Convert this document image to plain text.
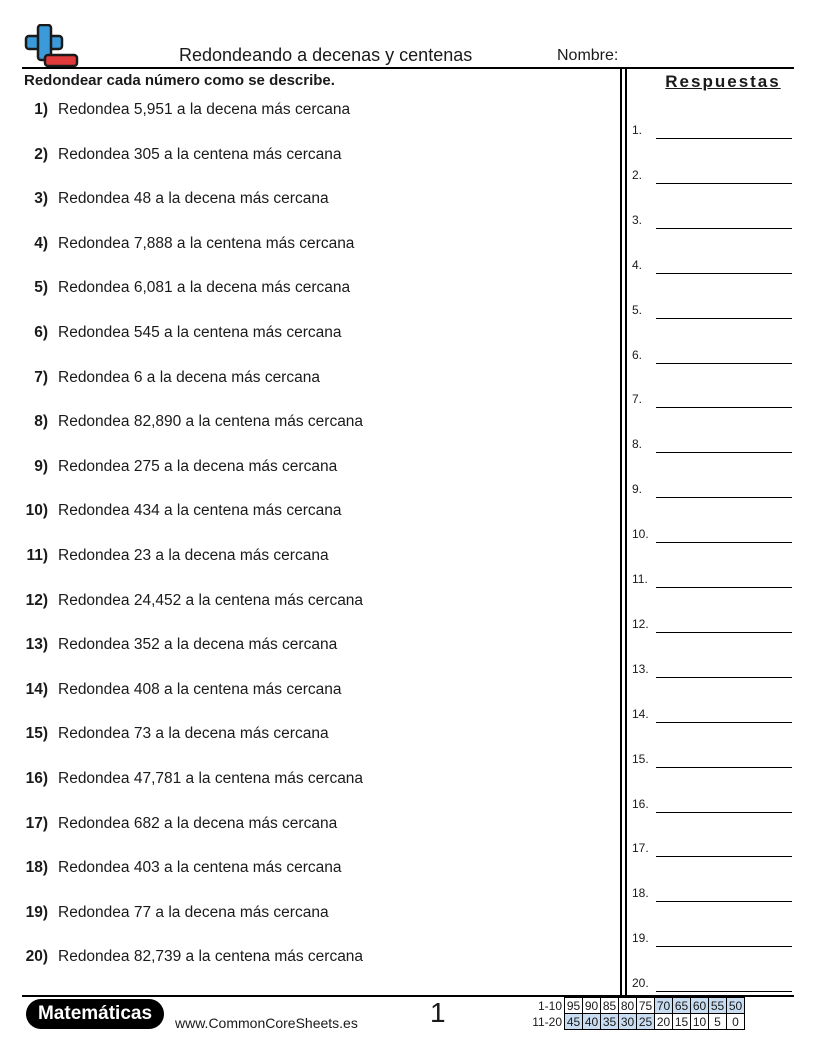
Redondeando a decenas y centenas	Nombre:
Redondear cada número como se describe.	Respuestas
1) Redondea 5,951 a la decena más cercana
2) Redondea 305 a la centena más cercana
3) Redondea 48 a la decena más cercana
4) Redondea 7,888 a la centena más cercana
5) Redondea 6,081 a la decena más cercana
6) Redondea 545 a la centena más cercana
7) Redondea 6 a la decena más cercana
8) Redondea 82,890 a la centena más cercana
9) Redondea 275 a la decena más cercana
10) Redondea 434 a la centena más cercana
11) Redondea 23 a la decena más cercana
12) Redondea 24,452 a la centena más cercana
13) Redondea 352 a la decena más cercana
14) Redondea 408 a la centena más cercana
15) Redondea 73 a la decena más cercana
16) Redondea 47,781 a la centena más cercana
17) Redondea 682 a la decena más cercana
18) Redondea 403 a la centena más cercana
19) Redondea 77 a la decena más cercana
20) Redondea 82,739 a la centena más cercana
1.
2.
3.
4.
5.
6.
7.
8.
9.
10.
11.
12.
13.
14.
15.
16.
17.
18.
19.
20.
Matemáticas	www.CommonCoreSheets.es	1	1-10	95	90	85	80	75	70	65	60	55	50
11-20	45	40	35	30	25	20	15	10	5	0
